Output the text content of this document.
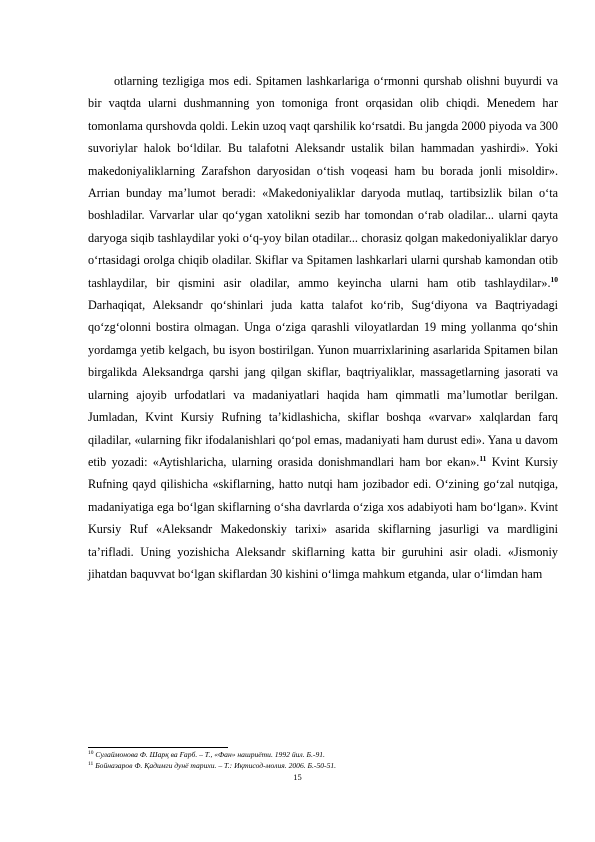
otlarning tezligiga mos edi. Spitamen lashkarlariga o‘rmonni qurshab olishni buyurdi va bir vaqtda ularni dushmanning yon tomoniga front orqasidan olib chiqdi. Menedem har tomonlama qurshovda qoldi. Lekin uzoq vaqt qarshilik ko‘rsatdi. Bu jangda 2000 piyoda va 300 suvoriylar halok bo‘ldilar. Bu talafotni Aleksandr ustalik bilan hammadan yashirdi». Yoki makedoniyaliklarning Zarafshon daryosidan o‘tish voqeasi ham bu borada jonli misoldir». Arrian bunday ma’lumot beradi: «Makedoniyaliklar daryoda mutlaq, tartibsizlik bilan o‘ta boshladilar. Varvarlar ular qo‘ygan xatolikni sezib har tomondan o‘rab oladilar... ularni qayta daryoga siqib tashlaydilar yoki o‘q-yoy bilan otadilar... chorasiz qolgan makedoniyaliklar daryo o‘rtasidagi orolga chiqib oladilar. Skiflar va Spitamen lashkarlari ularni qurshab kamondan otib tashlaydilar, bir qismini asir oladilar, ammo keyincha ularni ham otib tashlaydilar».$^{10}$ Darhaqiqat, Aleksandr qo‘shinlari juda katta talafot ko‘rib, Sug‘diyona va Baqtriyadagi qo‘zg‘olonni bostira olmagan. Unga o‘ziga qarashli viloyatlardan 19 ming yollanma qo‘shin yordamga yetib kelgach, bu isyon bostirilgan. Yunon muarrixlarining asarlarida Spitamen bilan birgalikda Aleksandrga qarshi jang qilgan skiflar, baqtriyaliklar, massagetlarning jasorati va ularning ajoyib urfodatlari va madaniyatlari haqida ham qimmatli ma’lumotlar berilgan. Jumladan, Kvint Kursiy Rufning ta’kidlashicha, skiflar boshqa «varvar» xalqlardan farq qiladilar, «ularning fikr ifodalanishlari qo‘pol emas, madaniyati ham durust edi». Yana u davom etib yozadi: «Aytishlaricha, ularning orasida donishmandlari ham bor ekan».$^{11}$ Kvint Kursiy Rufning qayd qilishicha «skiflarning, hatto nutqi ham jozibador edi. O‘zining go‘zal nutqiga, madaniyatiga ega bo‘lgan skiflarning o‘sha davrlarda o‘ziga xos adabiyoti ham bo‘lgan». Kvint Kursiy Ruf «Aleksandr Makedonskiy tarixi» asarida skiflarning jasurligi va mardligini ta’rifladi. Uning yozishicha Aleksandr skiflarning katta bir guruhini asir oladi. «Jismoniy jihatdan baquvvat bo‘lgan skiflardan 30 kishini o‘limga mahkum etganda, ular o‘limdan ham

$^{10}$ Сулаймонова Ф. Шарқ ва Ғарб. – Т., «Фан» нашриёти. 1992 йил. Б.-91.

$^{11}$ Бойназаров Ф. Қадимги дунё тарихи. – Т.: Иқтисод-молия. 2006. Б.-50-51.

15
